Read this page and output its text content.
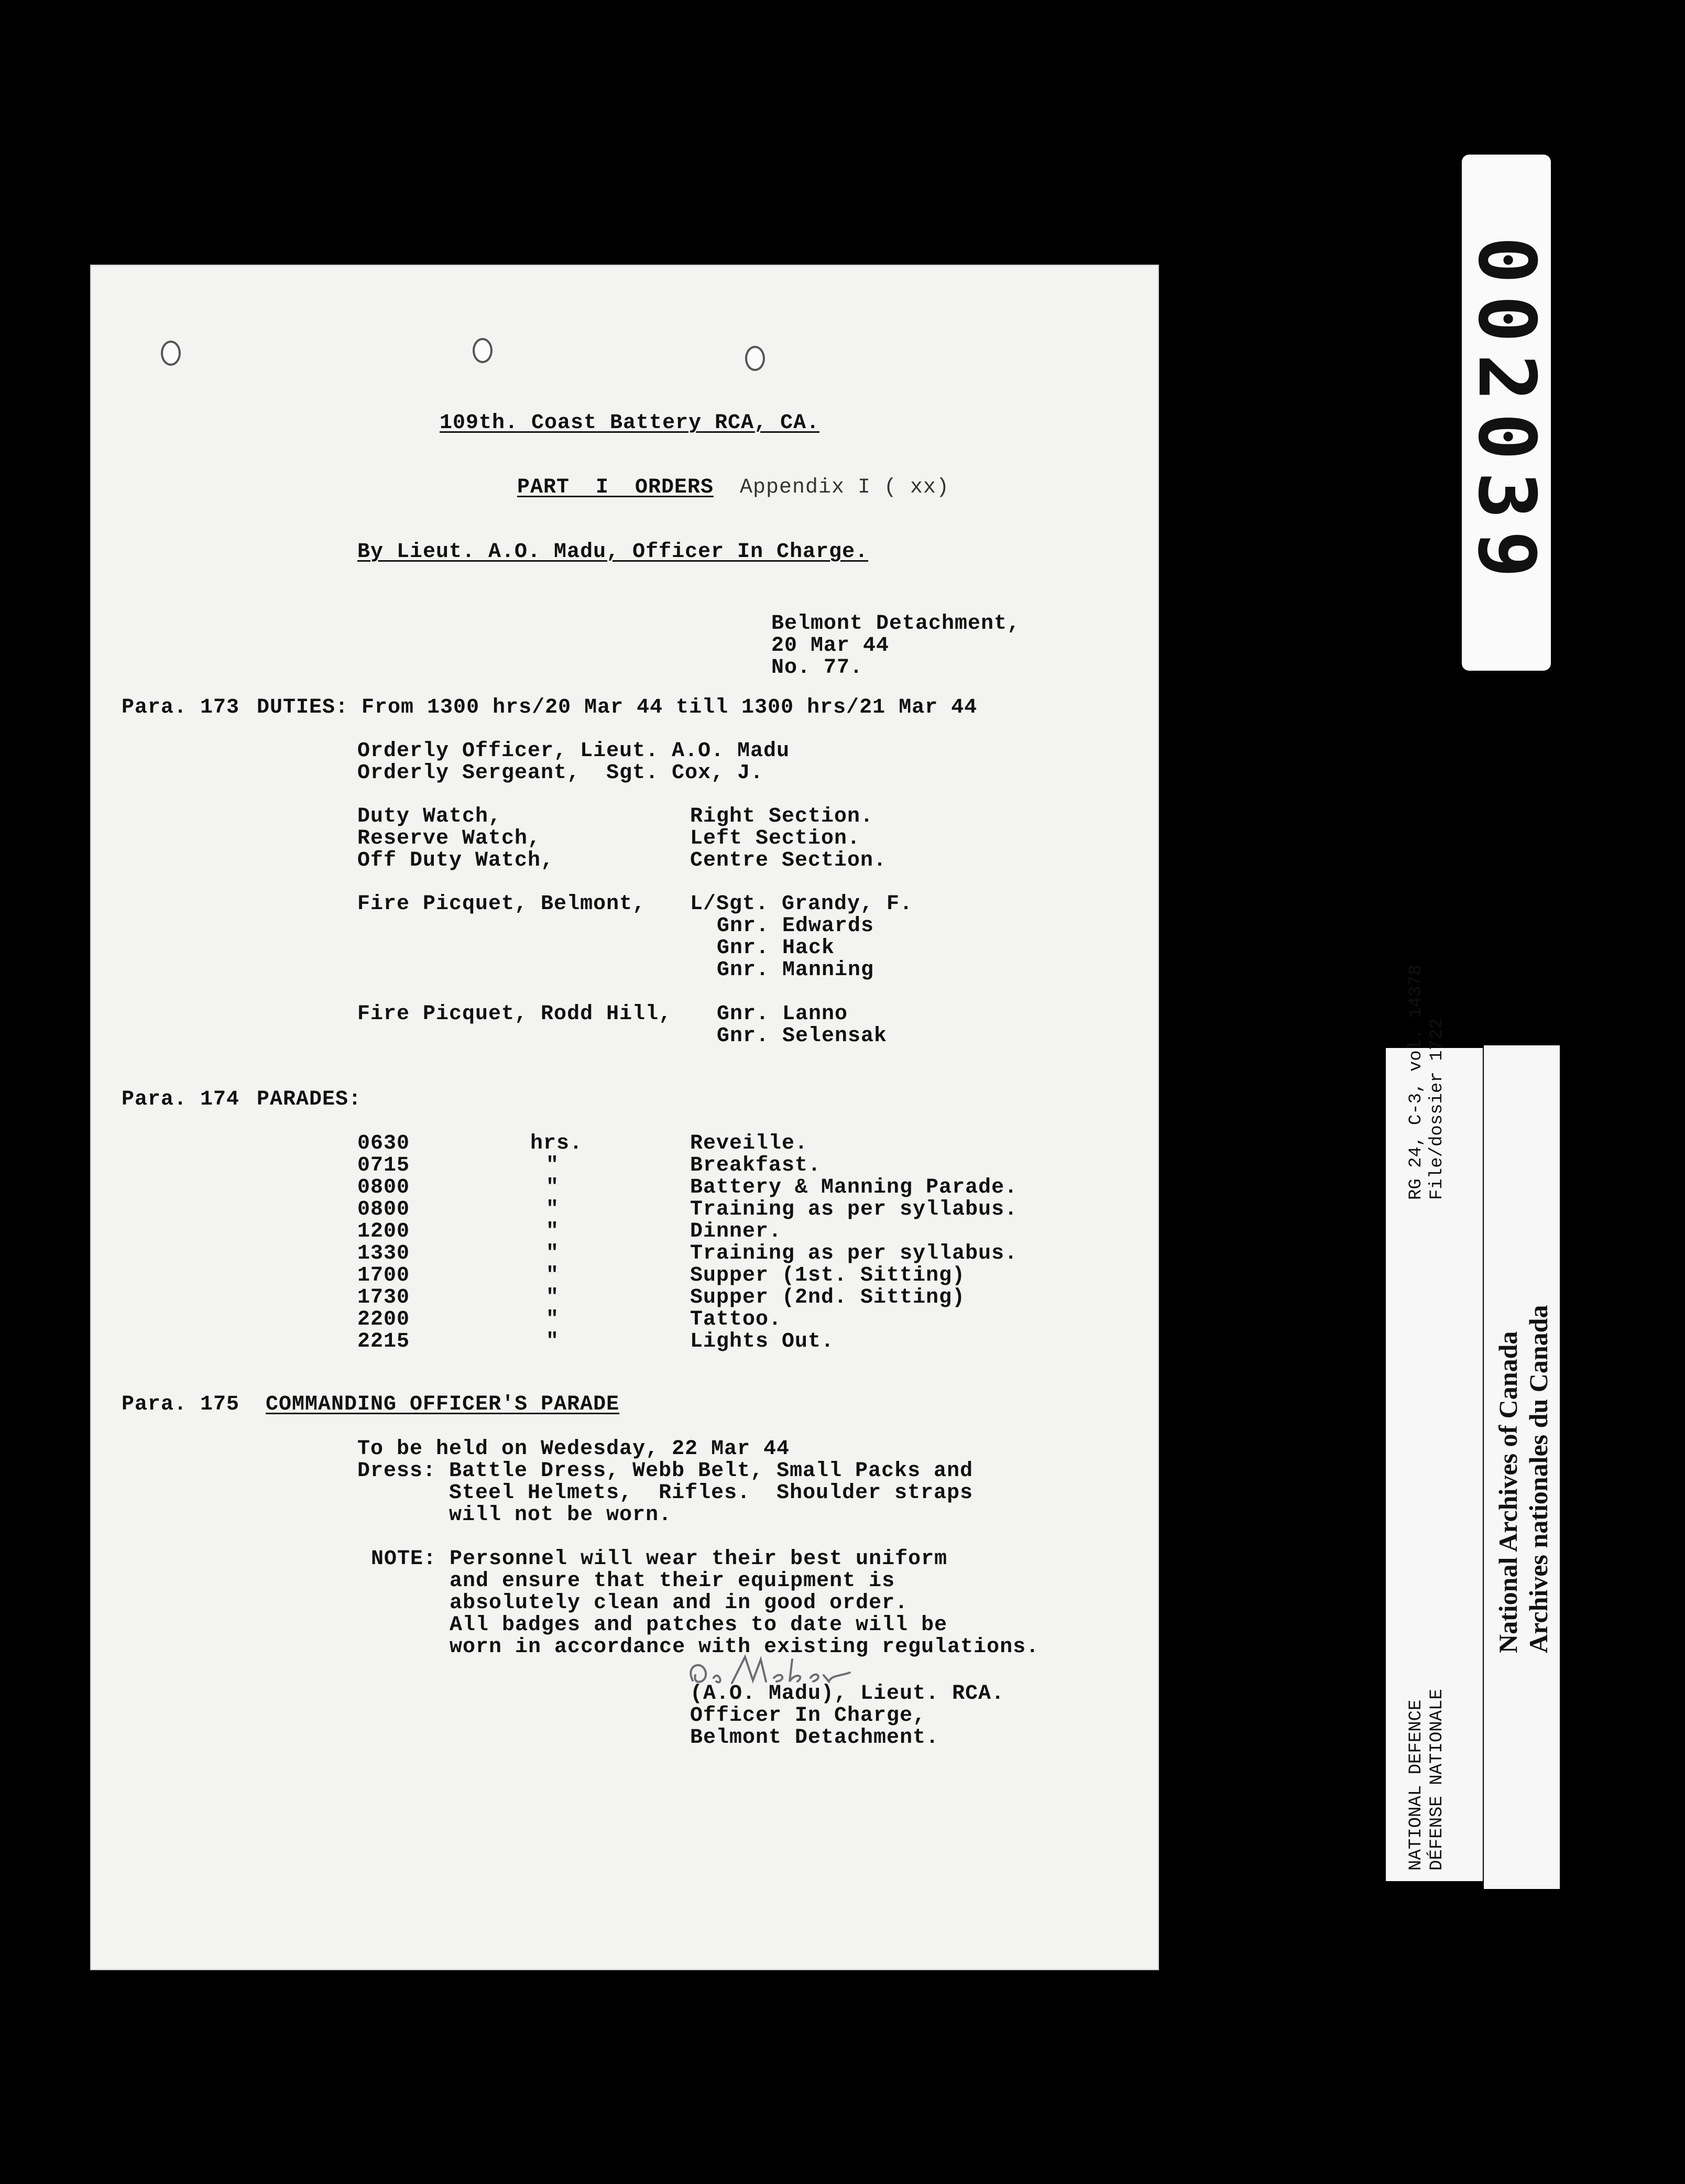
002039
109th. Coast Battery RCA, CA.
PART  I  ORDERS Appendix I ( xx)
By Lieut. A.O. Madu, Officer In Charge.
Belmont Detachment,
20 Mar 44
No. 77.
Para. 173 DUTIES: From 1300 hrs/20 Mar 44 till 1300 hrs/21 Mar 44
Orderly Officer, Lieut. A.O. Madu
Orderly Sergeant,  Sgt. Cox, J.
Duty Watch,	Right Section.
Reserve Watch,	Left Section.
Off Duty Watch,	Centre Section.
Fire Picquet, Belmont, L/Sgt. Grandy, F.
Gnr. Edwards
Gnr. Hack
Gnr. Manning
Fire Picquet, Rodd Hill, Gnr. Lanno
Gnr. Selensak
Para. 174 PARADES:
0630	hrs.	Reveille.
0715	"	Breakfast.
0800	"	Battery & Manning Parade.
0800	"	Training as per syllabus.
1200	"	Dinner.
1330	"	Training as per syllabus.
1700	"	Supper (1st. Sitting)
1730	"	Supper (2nd. Sitting)
2200	"	Tattoo.
2215	"	Lights Out.
Para. 175 COMMANDING OFFICER'S PARADE
To be held on Wedesday, 22 Mar 44
Dress: Battle Dress, Webb Belt, Small Packs and
Steel Helmets,  Rifles.  Shoulder straps
will not be worn.
NOTE: Personnel will wear their best uniform
and ensure that their equipment is
absolutely clean and in good order.
All badges and patches to date will be
worn in accordance with existing regulations.
(A.O. Madu), Lieut. RCA.
Officer In Charge,
Belmont Detachment.
RG 24, C-3, vol. 14378 File/dossier 1722
NATIONAL DEFENCE DÉFENSE NATIONALE
National Archives of Canada Archives nationales du Canada
